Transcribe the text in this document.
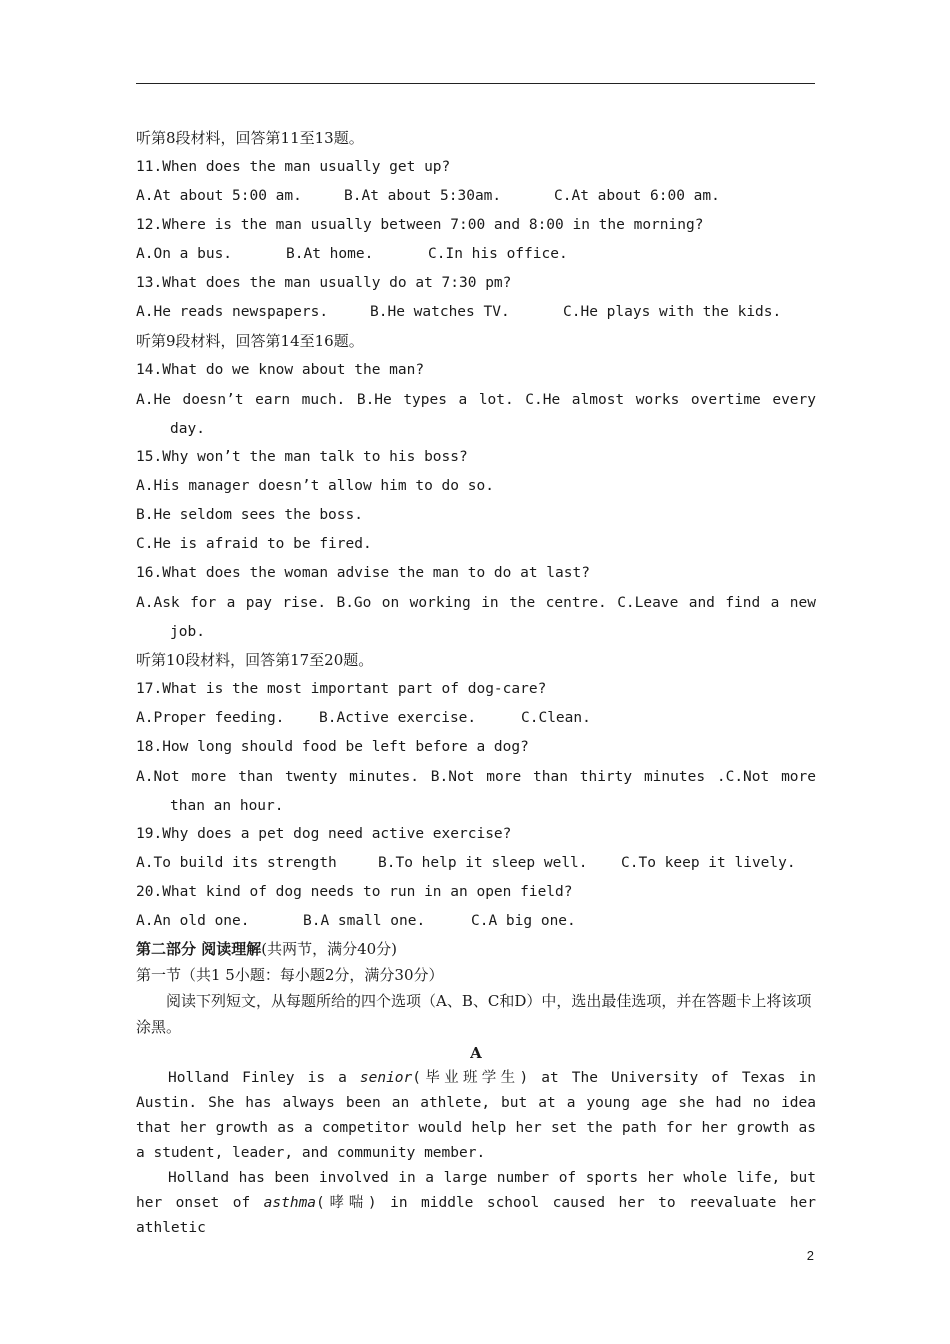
听第8段材料，回答第11至13题。
11.When does the man usually get up?
A.At about 5:00 am.	B.At about 5:30am.	C.At about 6:00 am.
12.Where is the man usually between 7:00 and 8:00 in the morning?
A.On a bus.	B.At home.	C.In his office.
13.What does the man usually do at 7:30 pm?
A.He reads newspapers.	B.He watches TV.	C.He plays with the kids.
听第9段材料，回答第14至16题。
14.What do we know about the man?
A.He doesn’t earn much. B.He types a lot. C.He almost works overtime every
day.
15.Why won’t the man talk to his boss?
A.His manager doesn’t allow him to do so.
B.He seldom sees the boss.
C.He is afraid to be fired.
16.What does the woman advise the man to do at last?
A.Ask for a pay rise. B.Go on working in the centre. C.Leave and find a new
job.
听第10段材料，回答第17至20题。
17.What is the most important part of dog-care?
A.Proper feeding.	B.Active exercise.	C.Clean.
18.How long should food be left before a dog?
A.Not more than twenty minutes. B.Not more than thirty minutes .C.Not more
than an hour.
19.Why does a pet dog need active exercise?
A.To build its strength	B.To help it sleep well.	C.To keep it lively.
20.What kind of dog needs to run in an open field?
A.An old one.	B.A small one.	C.A big one.
第二部分 阅读理解(共两节，满分40分)
第一节（共1 5小题：每小题2分，满分30分）
阅读下列短文，从每题所给的四个选项（A、B、C和D）中，选出最佳选项，并在答题卡上将该项涂黑。
A
Holland Finley is a senior(毕业班学生) at The University of Texas in Austin. She has always been an athlete, but at a young age she had no idea that her growth as a competitor would help her set the path for her growth as a student, leader, and community member.
Holland has been involved in a large number of sports her whole life, but her onset of asthma(哮喘) in middle school caused her to reevaluate her athletic
2
